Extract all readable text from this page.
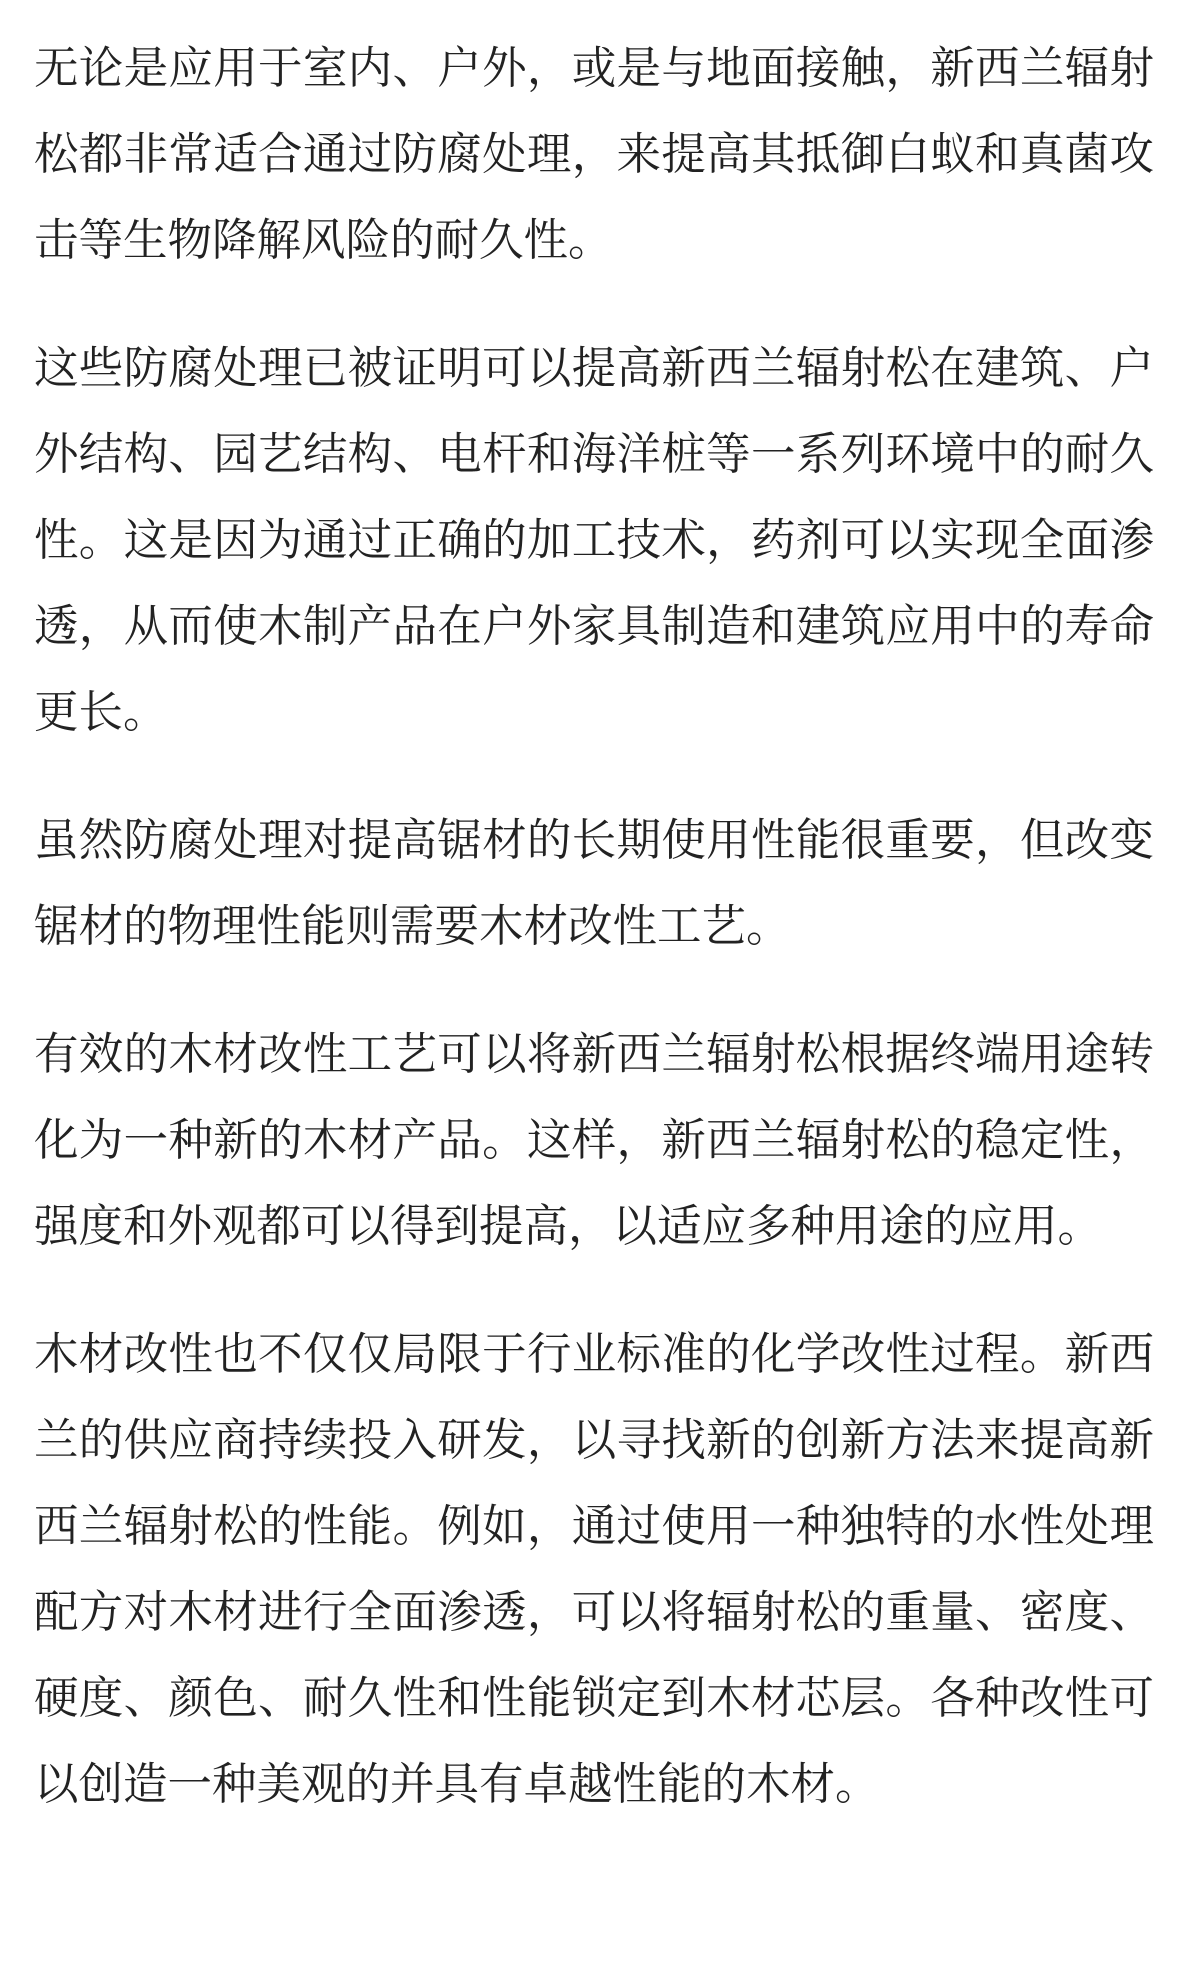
无论是应用于室内、户外，或是与地面接触，新西兰辐射松都非常适合通过防腐处理，来提高其抵御白蚁和真菌攻击等生物降解风险的耐久性。

这些防腐处理已被证明可以提高新西兰辐射松在建筑、户外结构、园艺结构、电杆和海洋桩等一系列环境中的耐久性。这是因为通过正确的加工技术，药剂可以实现全面渗透，从而使木制产品在户外家具制造和建筑应用中的寿命更长。

虽然防腐处理对提高锯材的长期使用性能很重要，但改变锯材的物理性能则需要木材改性工艺。

有效的木材改性工艺可以将新西兰辐射松根据终端用途转化为一种新的木材产品。这样，新西兰辐射松的稳定性，强度和外观都可以得到提高，以适应多种用途的应用。

木材改性也不仅仅局限于行业标准的化学改性过程。新西兰的供应商持续投入研发，以寻找新的创新方法来提高新西兰辐射松的性能。例如，通过使用一种独特的水性处理配方对木材进行全面渗透，可以将辐射松的重量、密度、硬度、颜色、耐久性和性能锁定到木材芯层。各种改性可以创造一种美观的并具有卓越性能的木材。
